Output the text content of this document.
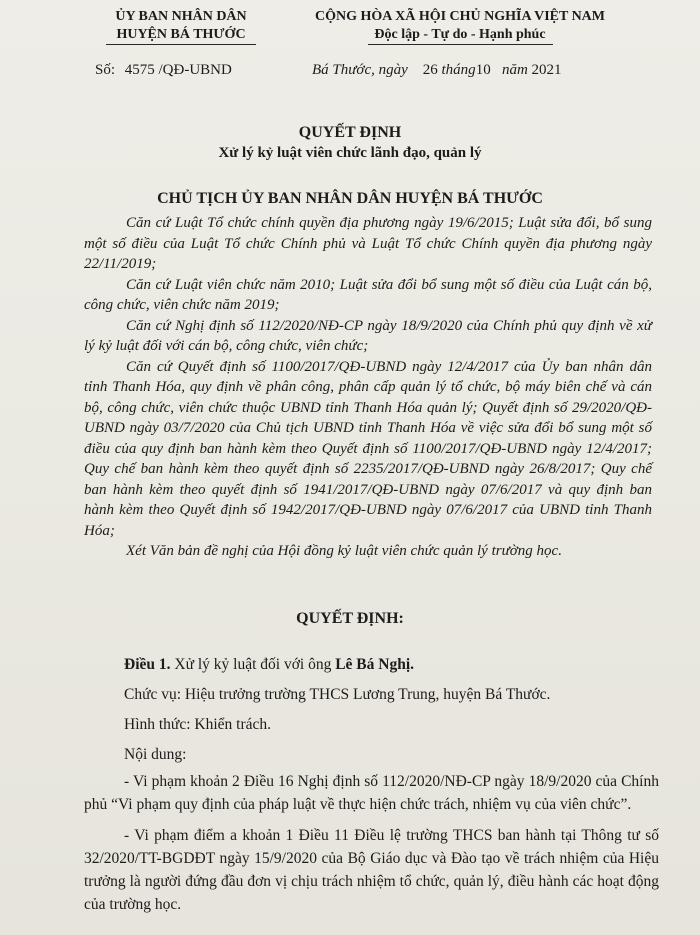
ỦY BAN NHÂN DÂN
HUYỆN BÁ THƯỚC
CỘNG HÒA XÃ HỘI CHỦ NGHĨA VIỆT NAM
Độc lập - Tự do - Hạnh phúc
Số: 4575 /QĐ-UBND	Bá Thước, ngày 26 tháng10 năm 2021
QUYẾT ĐỊNH
Xử lý kỷ luật viên chức lãnh đạo, quản lý
CHỦ TỊCH ỦY BAN NHÂN DÂN HUYỆN BÁ THƯỚC

Căn cứ Luật Tổ chức chính quyền địa phương ngày 19/6/2015; Luật sửa đổi, bổ sung một số điều của Luật Tổ chức Chính phủ và Luật Tổ chức Chính quyền địa phương ngày 22/11/2019;

Căn cứ Luật viên chức năm 2010; Luật sửa đổi bổ sung một số điều của Luật cán bộ, công chức, viên chức năm 2019;

Căn cứ Nghị định số 112/2020/NĐ-CP ngày 18/9/2020 của Chính phủ quy định về xử lý kỷ luật đối với cán bộ, công chức, viên chức;

Căn cứ Quyết định số 1100/2017/QĐ-UBND ngày 12/4/2017 của Ủy ban nhân dân tỉnh Thanh Hóa, quy định về phân công, phân cấp quản lý tổ chức, bộ máy biên chế và cán bộ, công chức, viên chức thuộc UBND tỉnh Thanh Hóa quản lý; Quyết định số 29/2020/QĐ-UBND ngày 03/7/2020 của Chủ tịch UBND tỉnh Thanh Hóa về việc sửa đổi bổ sung một số điều của quy định ban hành kèm theo Quyết định số 1100/2017/QĐ-UBND ngày 12/4/2017; Quy chế ban hành kèm theo quyết định số 2235/2017/QĐ-UBND ngày 26/8/2017; Quy chế ban hành kèm theo quyết định số 1941/2017/QĐ-UBND ngày 07/6/2017 và quy định ban hành kèm theo Quyết định số 1942/2017/QĐ-UBND ngày 07/6/2017 của UBND tỉnh Thanh Hóa;

Xét Văn bản đề nghị của Hội đồng kỷ luật viên chức quản lý trường học.

QUYẾT ĐỊNH:

Điều 1. Xử lý kỷ luật đối với ông Lê Bá Nghị.

Chức vụ: Hiệu trưởng trường THCS Lương Trung, huyện Bá Thước.

Hình thức: Khiển trách.

Nội dung:

- Vi phạm khoản 2 Điều 16 Nghị định số 112/2020/NĐ-CP ngày 18/9/2020 của Chính phủ “Vi phạm quy định của pháp luật về thực hiện chức trách, nhiệm vụ của viên chức”.

- Vi phạm điểm a khoản 1 Điều 11 Điều lệ trường THCS ban hành tại Thông tư số 32/2020/TT-BGDĐT ngày 15/9/2020 của Bộ Giáo dục và Đào tạo về trách nhiệm của Hiệu trưởng là người đứng đầu đơn vị chịu trách nhiệm tổ chức, quản lý, điều hành các hoạt động của trường học.
